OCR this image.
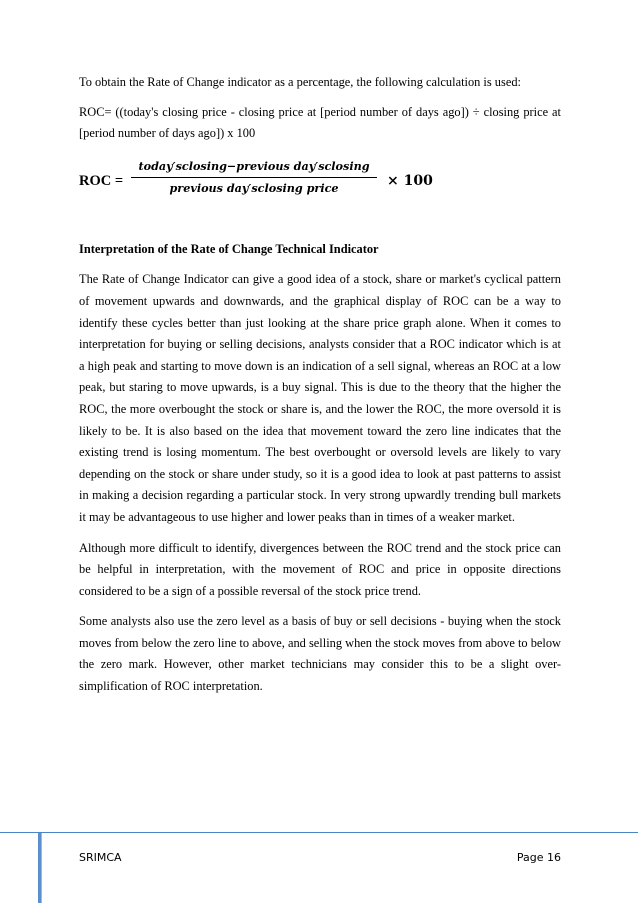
To obtain the Rate of Change indicator as a percentage, the following calculation is used:

ROC= ((today's closing price - closing price at [period number of days ago]) ÷ closing price at [period number of days ago]) x 100

ROC =
today′sclosing−previous day′sclosing
previous day′sclosing price	× 100

Interpretation of the Rate of Change Technical Indicator

The Rate of Change Indicator can give a good idea of a stock, share or market's cyclical pattern of movement upwards and downwards, and the graphical display of ROC can be a way to identify these cycles better than just looking at the share price graph alone. When it comes to interpretation for buying or selling decisions, analysts consider that a ROC indicator which is at a high peak and starting to move down is an indication of a sell signal, whereas an ROC at a low peak, but staring to move upwards, is a buy signal. This is due to the theory that the higher the ROC, the more overbought the stock or share is, and the lower the ROC, the more oversold it is likely to be. It is also based on the idea that movement toward the zero line indicates that the existing trend is losing momentum. The best overbought or oversold levels are likely to vary depending on the stock or share under study, so it is a good idea to look at past patterns to assist in making a decision regarding a particular stock. In very strong upwardly trending bull markets it may be advantageous to use higher and lower peaks than in times of a weaker market.

Although more difficult to identify, divergences between the ROC trend and the stock price can be helpful in interpretation, with the movement of ROC and price in opposite directions considered to be a sign of a possible reversal of the stock price trend.

Some analysts also use the zero level as a basis of buy or sell decisions - buying when the stock moves from below the zero line to above, and selling when the stock moves from above to below the zero mark. However, other market technicians may consider this to be a slight over-simplification of ROC interpretation.

SRIMCA	Page 16
